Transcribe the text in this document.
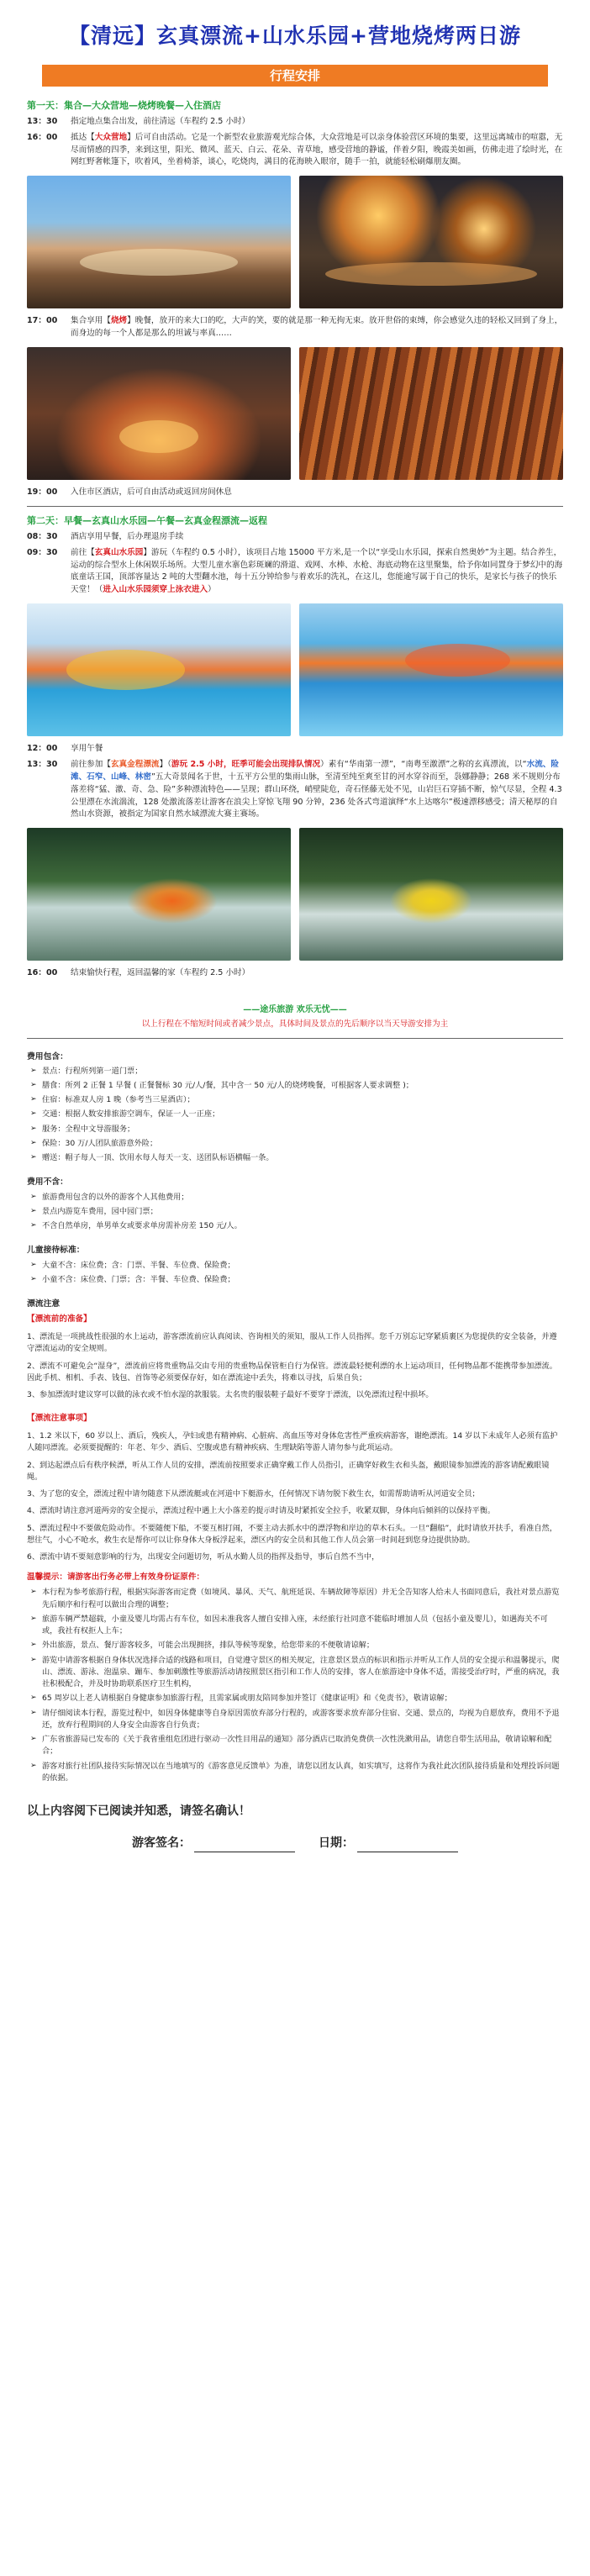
【清远】玄真漂流+山水乐园+营地烧烤两日游
行程安排
第一天：集合—大众营地—烧烤晚餐—入住酒店
13：30	指定地点集合出发，前往清远（车程约 2.5 小时）
16：00	抵达【大众营地】后可自由活动。它是一个新型农业旅游观光综合体，大众营地是可以亲身体验营区环境的集要，这里远离城市的喧嚣，无尽而情感的四季，来到这里，阳光、微风、蓝天、白云、花朵、青草地，感受营地的静谧，伴着夕阳，晚霞美如画，仿佛走进了绘时光，在网红野奢帐篷下，吹着风，坐着椅茶，谈心，吃烧肉，满目的花海映入眼帘，随手一拍，就能轻松刷爆朋友圈。
17：00	集合享用【烧烤】晚餐，放开的来大口的吃，大声的笑，要的就是那一种无拘无束。放开世俗的束缚，你会感觉久违的轻松又回到了身上，而身边的每一个人都是那么的坦诚与率真……
19：00	入住市区酒店，后可自由活动或返回房间休息
第二天：早餐—玄真山水乐园—午餐—玄真金程漂流—返程
08：30	酒店享用早餐，后办理退房手续
09：30	前往【玄真山水乐园】游玩（车程约 0.5 小时），该项目占地 15000 平方米,是一个以“享受山水乐园，探索自然奥妙”为主题。结合养生，运动的综合型水上休闲娱乐场所。大型儿童水寨色彩斑斓的滑道、戏网、水棒、水枪、海底动物在这里聚集，给予你如同置身于梦幻中的海底童话王国，顶部容量达 2 吨的大型翻水池，每十五分钟给参与着欢乐的洗礼，在这儿，您能逾写属于自己的快乐，是家长与孩子的快乐天堂！（进入山水乐园须穿上泳衣进入）
12：00	享用午餐
13：30	前往参加【玄真金程漂流】（游玩 2.5 小时，旺季可能会出现排队情况）素有“华南第一漂”，“南粤至激漂”之称的玄真漂流，以“水流、险滩、石窄、山峰、林密”五大奇景闻名于世，十五平方公里的集雨山脉，至清至纯至爽至甘的河水穿谷而至，袅娜静静；268 米不规则分布落差将“猛、激、奇、急、险”多种漂流特色——呈现；群山环绕，峭壁陡危，奇石怪藤无处不见，山岩巨石穿插不断，惊气尽显，全程 4.3 公里漂在水流湍流，128 处激流落差让游客在浪尖上穿惊飞翔 90 分钟，236 处各式弯道演绎“水上达喀尔”极速漂移感受；清天秘厚的自然山水资源，被指定为国家自然水域漂流大赛主赛场。
16：00	结束愉快行程，返回温馨的家（车程约 2.5 小时）
——途乐旅游 欢乐无忧——
以上行程在不缩短时间或者减少景点，具体时间及景点的先后顺序以当天导游安排为主
费用包含：
➢ 景点：行程所列第一道门票；
➢ 膳食：所列 2 正餐 1 早餐 ( 正餐餐标 30 元/人/餐，其中含一 50 元/人的烧烤晚餐，可根据客人要求调整 )；
➢ 住宿：标准双人房 1 晚（参考当三星酒店）；
➢ 交通：根据人数安排旅游空调车，保证一人一正座；
➢ 服务：全程中文导游服务；
➢ 保险：30 万/人团队旅游意外险；
➢ 赠送：帽子每人一顶、饮用水每人每天一支、送团队标语横幅一条。
费用不含：
➢ 旅游费用包含的以外的游客个人其他费用；
➢ 景点内游览车费用，园中园门票；
➢ 不含自然单房，单男单女或要求单房需补房差 150 元/人。
儿童接待标准：
➢ 大童不含：床位费；含：门票、半餐、车位费、保险费；
➢ 小童不含：床位费、门票；含：半餐、车位费、保险费；
漂流注意
【漂流前的准备】
1、漂流是一项挑战性很强的水上运动，游客漂流前应认真阅读、咨询相关的须知，服从工作人员指挥。您千万别忘记穿紧质裹区为您提供的安全装备，并遵守漂流运动的安全规则。
2、漂流不可避免会“湿身”，漂流前应将贵重物品交由专用的贵重物品保管柜自行为保管。漂流最轻便利漂的水上运动项目，任何物品都不能携带参加漂流。因此手机、相机、手表、钱包、首饰等必须要保存好，如在漂流途中丢失，将难以寻找，后果自负；
3、参加漂流时建议穿可以做的泳衣或不怕水湿的款服装。太名贵的服装鞋子最好不要穿于漂流，以免漂流过程中损坏。
【漂流注意事项】
1、1.2 米以下，60 岁以上、酒后，残疾人，孕妇或患有精神病、心脏病、高血压等对身体危害性严重疾病游客，谢绝漂流。14 岁以下未成年人必须有监护人随同漂流。必须要提醒的：年老、年少、酒后、空腹或患有精神疾病、生理缺陷等游人请勿参与此项运动。
2、到达起漂点后有秩序候漂，听从工作人员的安排，漂流前按照要求正确穿戴工作人员指引，正确穿好救生衣和头盔，戴眼镜参加漂流的游客请配戴眼镜绳。
3、为了您的安全，漂流过程中请勿随意下从漂流艇或在河道中下艇游水，任何情况下请勿脱下救生衣，如需帮助请听从河道安全员；
4、漂流时请注意河道两旁的安全提示，漂流过程中遇上大小落差的提示时请及时紧抓安全拉手，收紧双脚，身体向后倾斜的以保持平衡。
5、漂流过程中不要做危险动作。不要随便下船，不要互相打闹，不要主动去抓水中的漂浮物和岸边的草木石头。一旦“翻船”，此时请放开扶手，看准自然，想往气，小心不呛水，救生衣是帮你可以让你身体大身板浮起来，漂区内的安全员和其他工作人员会第一时间赶到您身边提供协助。
6、漂流中请不要刻意影响的行为，出现安全问题切勿，听从水勤人员的指挥及指导，事后自然不当中，
温馨提示：请游客出行务必带上有效身份证原件：
➢ 本行程为参考旅游行程，根据实际游客而定费（如境风、暴风、天气、航班延误、车辆故障等原因）并无全告知客人给未人书面同意后，我社对景点游览先后顺序和行程可以做出合理的调整；
➢ 旅游车辆严禁超载，小童及婴儿均需占有车位，如因未准我客人擅自安排入座，未经旅行社同意不能临时增加人员（包括小童及婴儿），如遇海关不可或，我社有权拒人上车；
➢ 外出旅游，景点、餐厅游客较多，可能会出现拥挤，排队等候等现象，给您带来的不便敬请谅解；
➢ 游览中请游客根据自身体状况选择合适的线路和项目，自觉遵守景区的相关规定，注意景区景点的标识和指示并听从工作人员的安全提示和温馨提示，爬山、漂流、游泳、泡温泉、蹦车、参加刺激性等旅游活动请按照景区指引和工作人员的安排，客人在旅游途中身体不适，需接受治疗时，严重的病况，我社积极配合，并及时协助联系医疗卫生机构，
➢ 65 周岁以上老人请根据自身健康参加旅游行程，且需家属或朋友陪同参加并签订《健康证明》和《免责书》，敬请谅解；
➢ 请仔细阅读本行程，游览过程中，如因身体健康等自身原因需放弃部分行程的，或游客要求放弃部分住宿、交通、景点的，均视为自愿放弃，费用不予退还，放弃行程期间的人身安全由游客自行负责；
➢ 广东省旅游局已发布的《关于我省重组危团进行驱动一次性目用品的通知》部分酒店已取消免费供一次性洗漱用品，请您自带生活用品，敬请谅解和配合；
➢ 游客对旅行社团队接待实际情况以在当地填写的《游客意见反馈单》为准，请您以团友认真，如实填写，这将作为我社此次团队接待质量和处理投诉问题的依据。
以上内容阅下已阅读并知悉，请签名确认！
游客签名：	日期：
